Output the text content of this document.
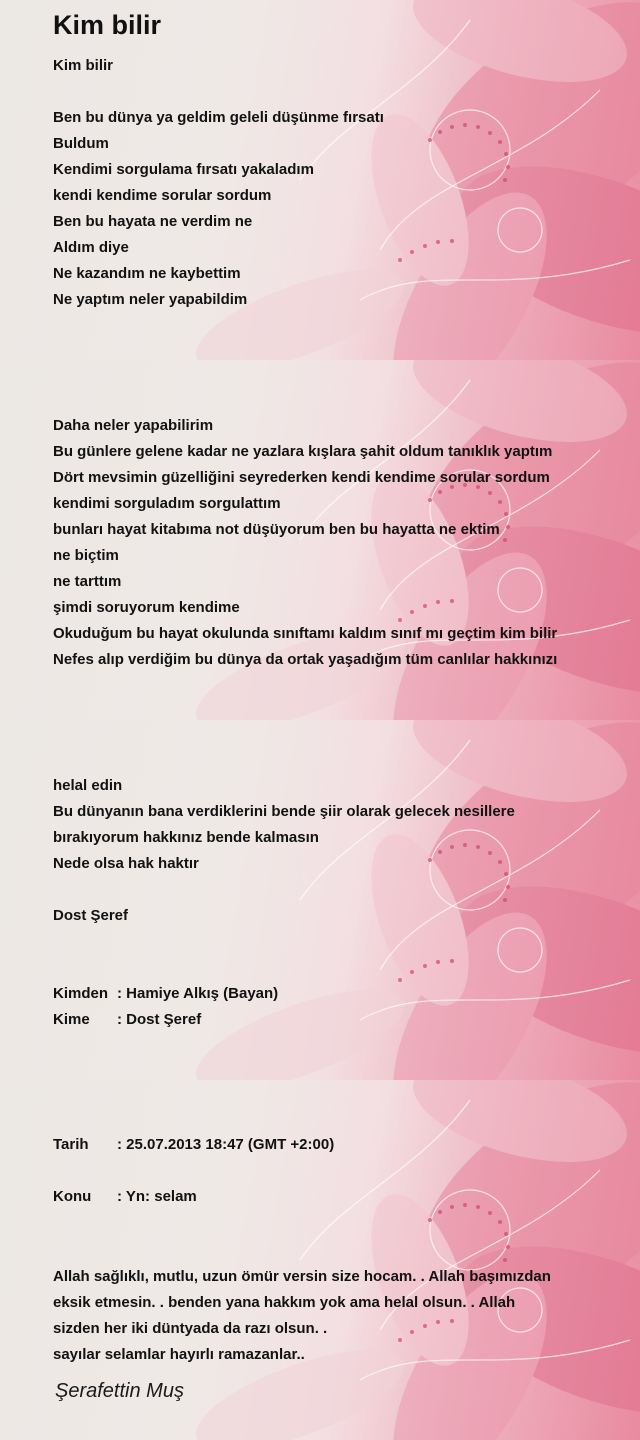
Kim bilir
Kim bilir
Ben bu dünya ya geldim geleli düşünme fırsatı
Buldum
Kendimi sorgulama fırsatı yakaladım
kendi kendime sorular sordum
Ben bu hayata ne verdim ne
Aldım diye
Ne kazandım ne kaybettim
Ne yaptım neler yapabildim
Daha neler yapabilirim
Bu günlere gelene kadar ne yazlara kışlara şahit oldum tanıklık yaptım
Dört mevsimin güzelliğini seyrederken kendi kendime sorular sordum
kendimi sorguladım sorgulattım
bunları hayat kitabıma not düşüyorum ben bu hayatta ne ektim
ne biçtim
ne tarttım
şimdi soruyorum kendime
Okuduğum bu hayat okulunda sınıftamı kaldım sınıf mı geçtim kim bilir
Nefes alıp verdiğim bu dünya da ortak yaşadığım tüm canlılar hakkınızı
helal edin
Bu dünyanın bana verdiklerini bende şiir olarak gelecek nesillere
bırakıyorum hakkınız bende kalmasın
Nede olsa hak haktır
Dost Şeref
Kimden : Hamiye Alkış (Bayan)
Kime : Dost Şeref
Tarih : 25.07.2013 18:47 (GMT +2:00)
Konu : Yn: selam
Allah sağlıklı, mutlu, uzun ömür versin size hocam. . Allah başımızdan
eksik etmesin. . benden yana hakkım yok ama helal olsun. . Allah
sizden her iki düntyada da razı olsun. .
sayılar selamlar hayırlı ramazanlar..
Şerafettin Muş
